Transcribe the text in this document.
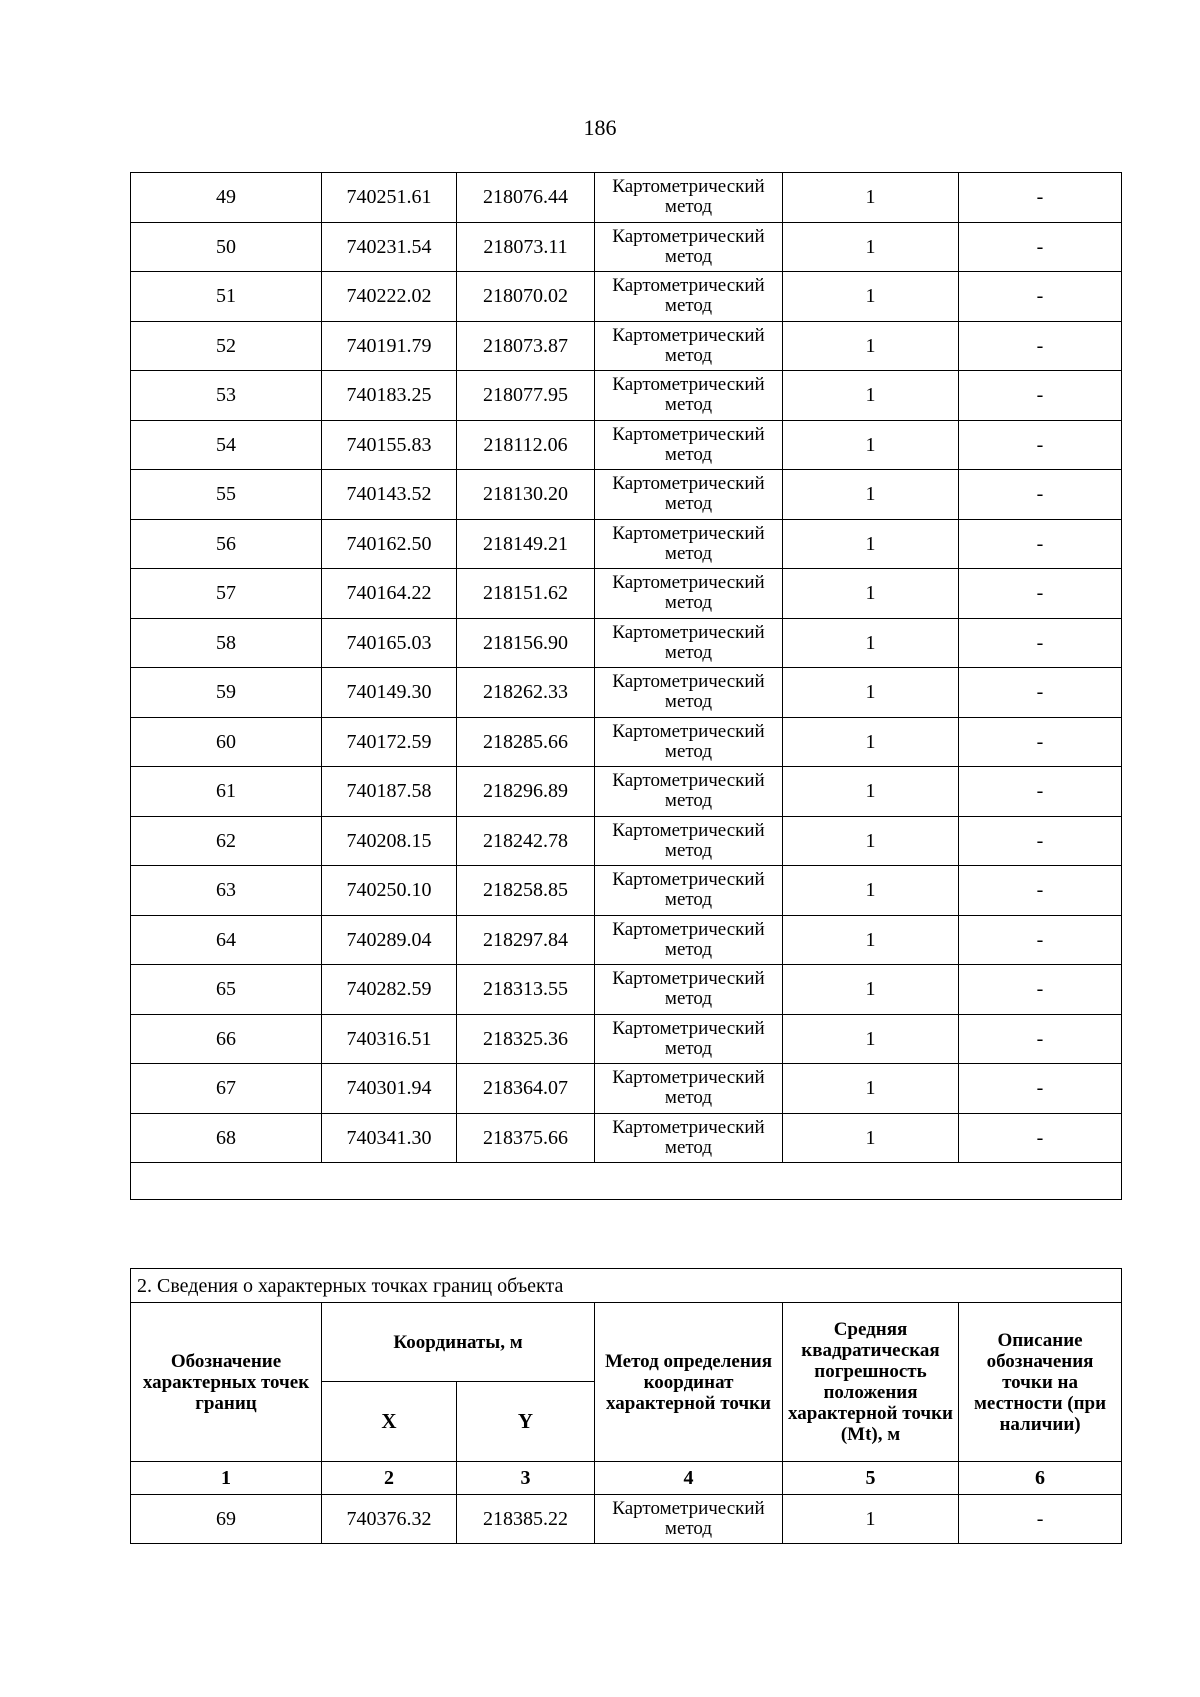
186
49	740251.61	218076.44	Картометрический метод	1	-
50	740231.54	218073.11	Картометрический метод	1	-
51	740222.02	218070.02	Картометрический метод	1	-
52	740191.79	218073.87	Картометрический метод	1	-
53	740183.25	218077.95	Картометрический метод	1	-
54	740155.83	218112.06	Картометрический метод	1	-
55	740143.52	218130.20	Картометрический метод	1	-
56	740162.50	218149.21	Картометрический метод	1	-
57	740164.22	218151.62	Картометрический метод	1	-
58	740165.03	218156.90	Картометрический метод	1	-
59	740149.30	218262.33	Картометрический метод	1	-
60	740172.59	218285.66	Картометрический метод	1	-
61	740187.58	218296.89	Картометрический метод	1	-
62	740208.15	218242.78	Картометрический метод	1	-
63	740250.10	218258.85	Картометрический метод	1	-
64	740289.04	218297.84	Картометрический метод	1	-
65	740282.59	218313.55	Картометрический метод	1	-
66	740316.51	218325.36	Картометрический метод	1	-
67	740301.94	218364.07	Картометрический метод	1	-
68	740341.30	218375.66	Картометрический метод	1	-

2. Сведения о характерных точках границ объекта					
Обозначение характерных точек границ	Координаты, м		Метод определения координат характерной точки	Средняя квадратическая погрешность положения характерной точки (Mt), м	Описание обозначения точки на местности (при наличии)
	X	Y			
1	2	3	4	5	6
69	740376.32	218385.22	Картометрический метод	1	-
